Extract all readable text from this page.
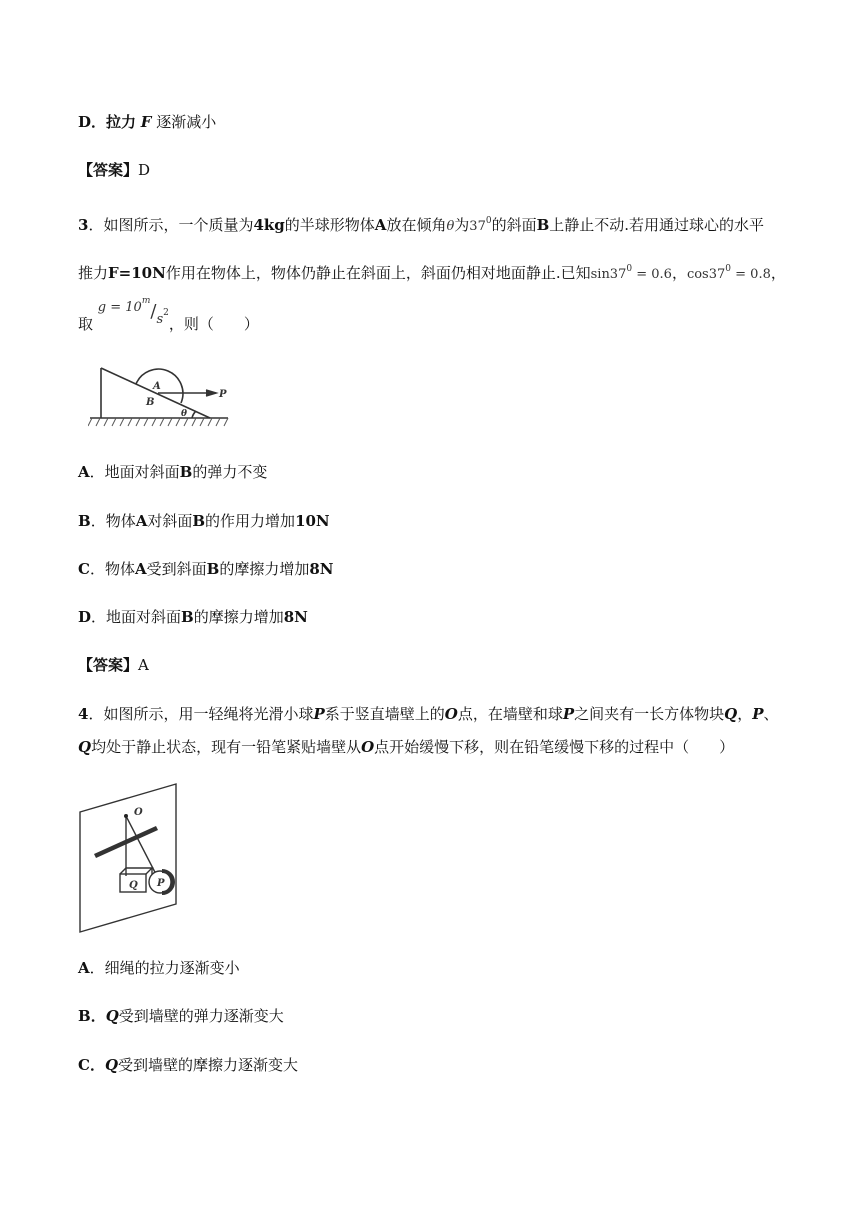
D．拉力 F 逐渐减小
【答案】D
3．如图所示，一个质量为4kg的半球形物体A放在倾角θ为$37^0$的斜面B上静止不动.若用通过球心的水平
推力F=10N作用在物体上，物体仍静止在斜面上，斜面仍相对地面静止.已知$\sin 37^0 = 0.6$，$\cos 37^0 = 0.8$，
取 $g = 10^m/s2$，则（　　）
A
B
P
θ
A．地面对斜面B的弹力不变
B．物体A对斜面B的作用力增加10N
C．物体A受到斜面B的摩擦力增加8N
D．地面对斜面B的摩擦力增加8N
【答案】A
4．如图所示，用一轻绳将光滑小球P系于竖直墙壁上的O点，在墙壁和球P之间夹有一长方体物块Q，P、
Q均处于静止状态，现有一铅笔紧贴墙壁从O点开始缓慢下移，则在铅笔缓慢下移的过程中（　　）
O
Q P
A．细绳的拉力逐渐变小
B．Q受到墙壁的弹力逐渐变大
C．Q受到墙壁的摩擦力逐渐变大
